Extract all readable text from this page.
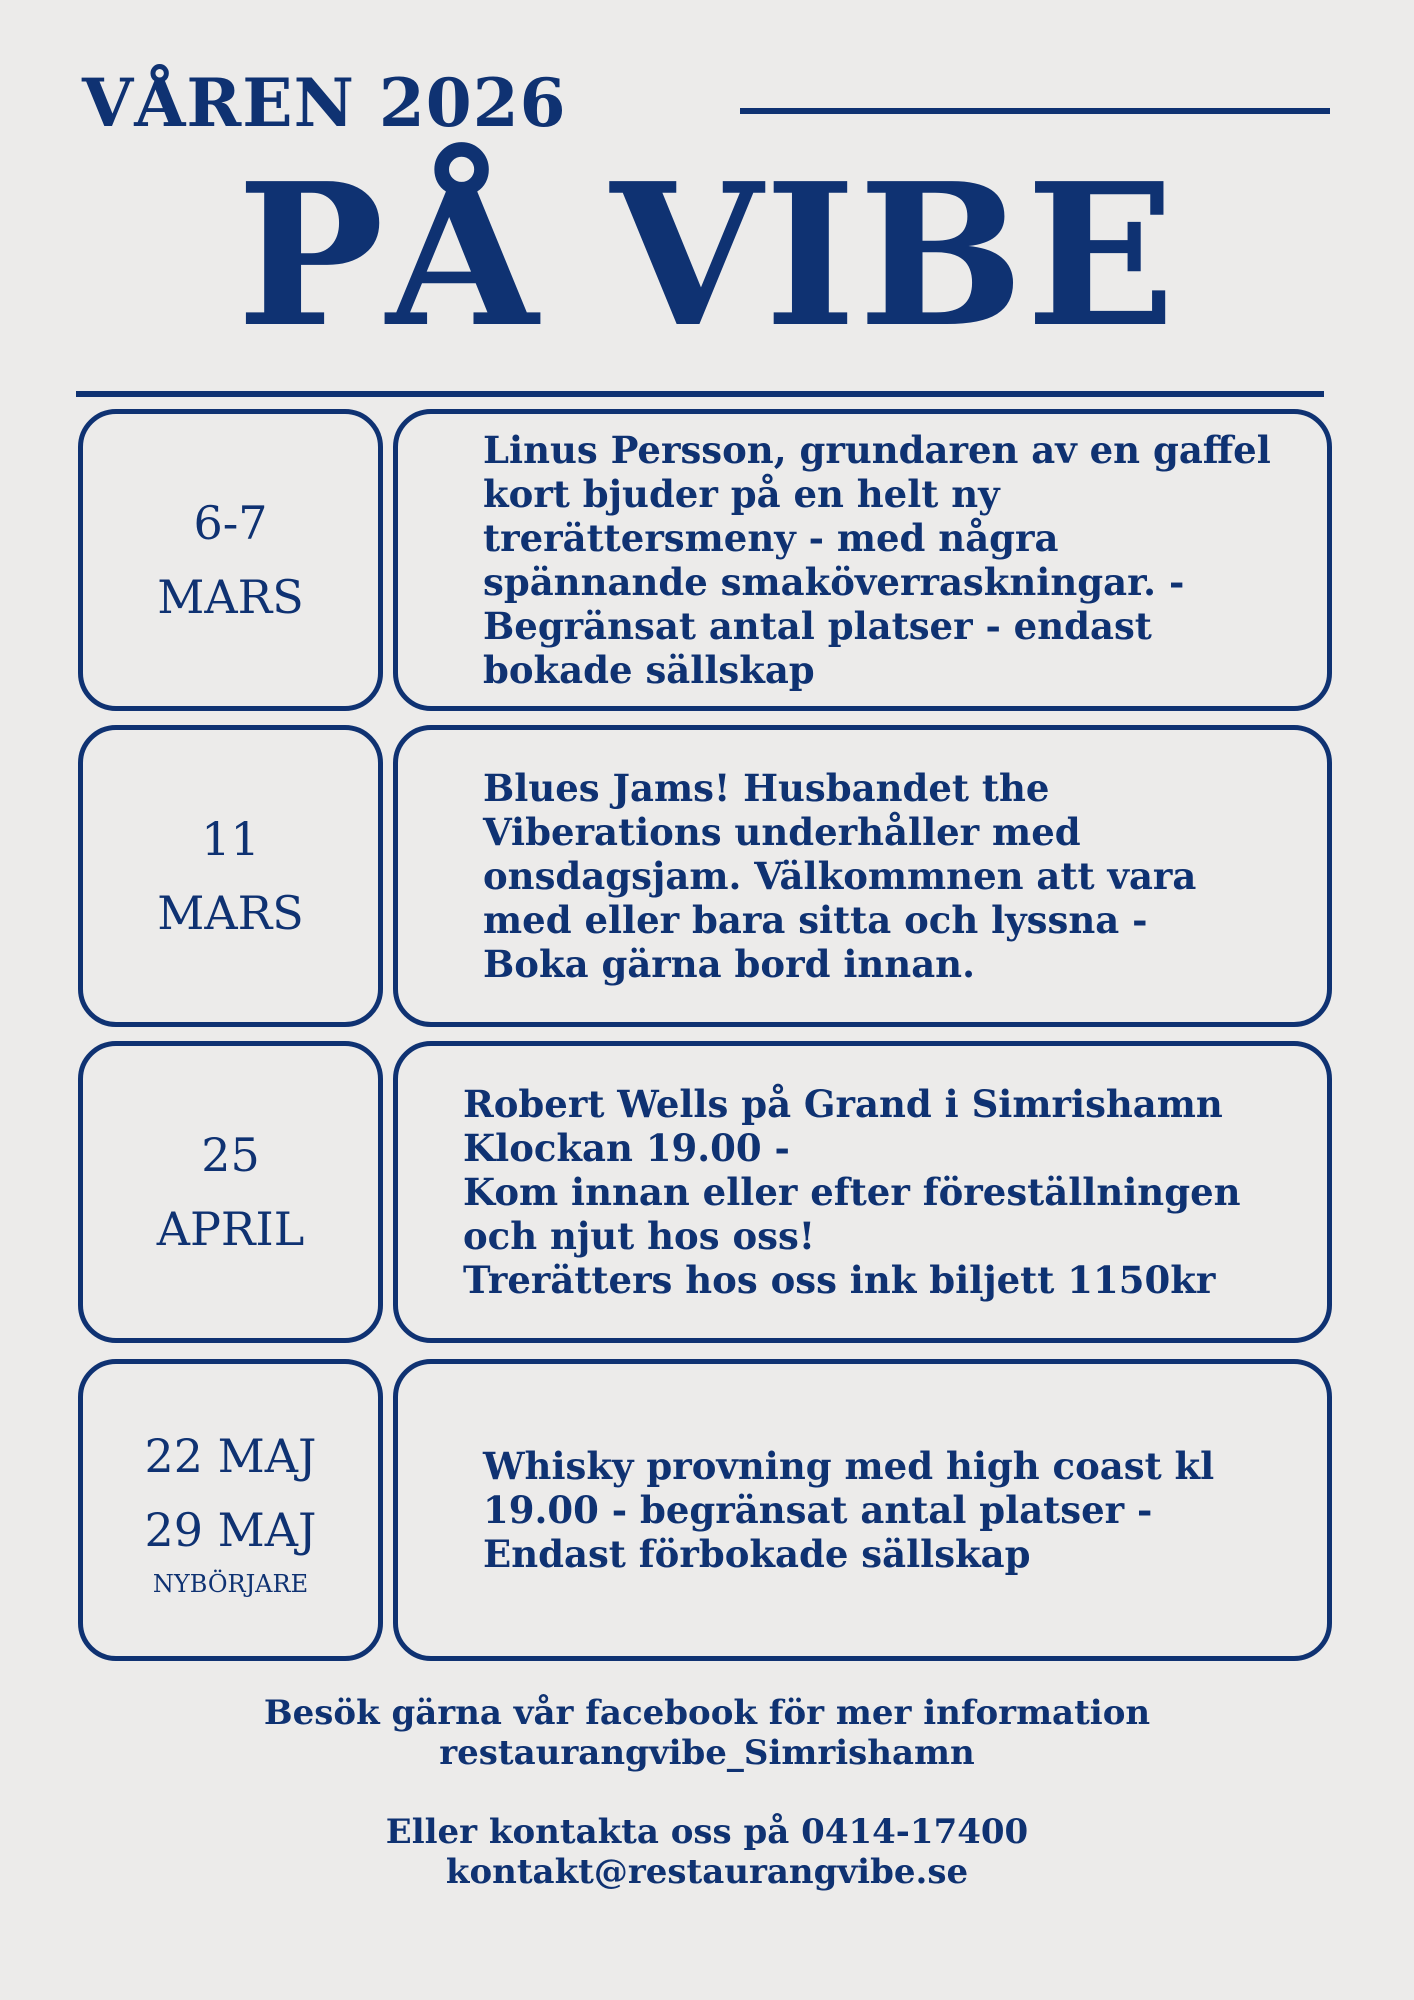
VÅREN 2026
PÅ VIBE
6-7
MARS
Linus Persson, grundaren av en gaffel
kort bjuder på en helt ny
trerättersmeny - med några
spännande smaköverraskningar. -
Begränsat antal platser - endast
bokade sällskap
11
MARS
Blues Jams! Husbandet the
Viberations underhåller med
onsdagsjam. Välkommnen att vara
med eller bara sitta och lyssna -
Boka gärna bord innan.
25
APRIL
Robert Wells på Grand i Simrishamn
Klockan 19.00 -
Kom innan eller efter föreställningen
och njut hos oss!
Trerätters hos oss ink biljett 1150kr
22 MAJ
29 MAJ
NYBÖRJARE
Whisky provning med high coast kl
19.00 - begränsat antal platser -
Endast förbokade sällskap
Besök gärna vår facebook för mer information
restaurangvibe_Simrishamn
Eller kontakta oss på 0414-17400
kontakt@restaurangvibe.se
